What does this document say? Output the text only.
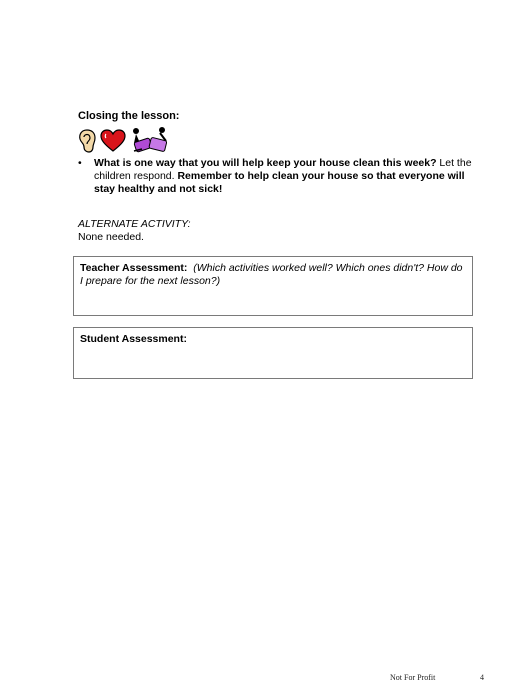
Closing the lesson:
• What is one way that you will help keep your house clean this week? Let the children respond. Remember to help clean your house so that everyone will stay healthy and not sick!
ALTERNATE ACTIVITY:
None needed.
Teacher Assessment: (Which activities worked well? Which ones didn't? How do I prepare for the next lesson?)
Student Assessment:
Not For Profit	4
